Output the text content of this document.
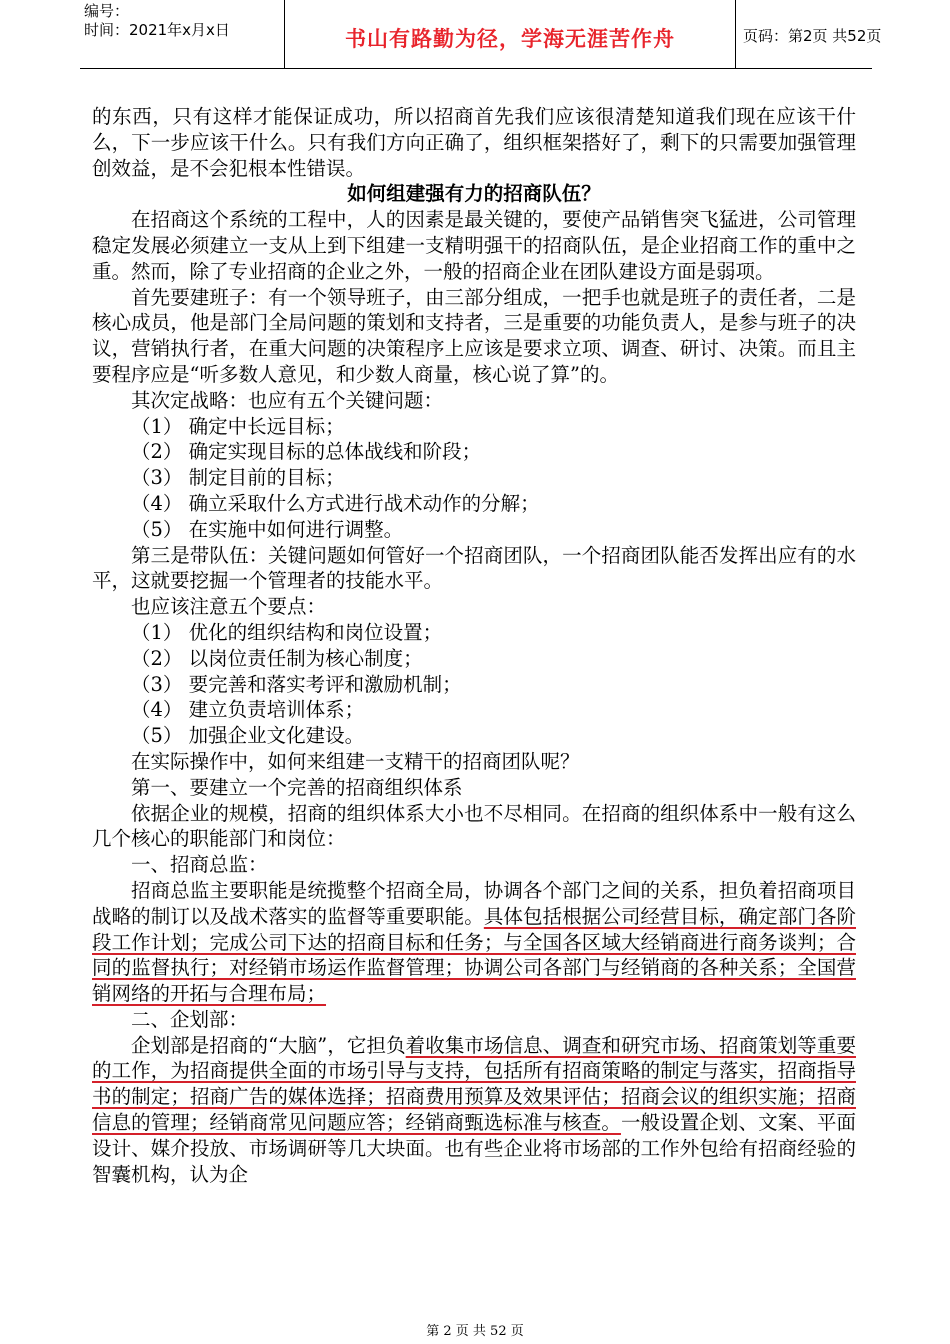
编号：
时间：2021年x月x日	书山有路勤为径，学海无涯苦作舟	页码：第2页 共52页

的东西，只有这样才能保证成功，所以招商首先我们应该很清楚知道我们现在应该干什么，下一步应该干什么。只有我们方向正确了，组织框架搭好了，剩下的只需要加强管理创效益，是不会犯根本性错误。

如何组建强有力的招商队伍？

在招商这个系统的工程中，人的因素是最关键的，要使产品销售突飞猛进，公司管理稳定发展必须建立一支从上到下组建一支精明强干的招商队伍，是企业招商工作的重中之重。然而，除了专业招商的企业之外，一般的招商企业在团队建设方面是弱项。

首先要建班子：有一个领导班子，由三部分组成，一把手也就是班子的责任者，二是核心成员，他是部门全局问题的策划和支持者，三是重要的功能负责人，是参与班子的决议，营销执行者，在重大问题的决策程序上应该是要求立项、调查、研讨、决策。而且主要程序应是“听多数人意见，和少数人商量，核心说了算”的。

其次定战略：也应有五个关键问题：

（1） 确定中长远目标；

（2） 确定实现目标的总体战线和阶段；

（3） 制定目前的目标；

（4） 确立采取什么方式进行战术动作的分解；

（5） 在实施中如何进行调整。

第三是带队伍：关键问题如何管好一个招商团队，一个招商团队能否发挥出应有的水平，这就要挖掘一个管理者的技能水平。

也应该注意五个要点：

（1） 优化的组织结构和岗位设置；

（2） 以岗位责任制为核心制度；

（3） 要完善和落实考评和激励机制；

（4） 建立负责培训体系；

（5） 加强企业文化建设。

在实际操作中，如何来组建一支精干的招商团队呢？

第一、要建立一个完善的招商组织体系

依据企业的规模，招商的组织体系大小也不尽相同。在招商的组织体系中一般有这么几个核心的职能部门和岗位：

一、招商总监：

招商总监主要职能是统揽整个招商全局，协调各个部门之间的关系，担负着招商项目战略的制订以及战术落实的监督等重要职能。具体包括根据公司经营目标，确定部门各阶段工作计划；完成公司下达的招商目标和任务；与全国各区域大经销商进行商务谈判；合同的监督执行；对经销市场运作监督管理；协调公司各部门与经销商的各种关系；全国营销网络的开拓与合理布局；

二、企划部：

企划部是招商的“大脑”，它担负着收集市场信息、调查和研究市场、招商策划等重要的工作，为招商提供全面的市场引导与支持，包括所有招商策略的制定与落实，招商指导书的制定；招商广告的媒体选择；招商费用预算及效果评估；招商会议的组织实施；招商信息的管理；经销商常见问题应答；经销商甄选标准与核查。一般设置企划、文案、平面设计、媒介投放、市场调研等几大块面。也有些企业将市场部的工作外包给有招商经验的智囊机构，认为企

第 2 页 共 52 页
